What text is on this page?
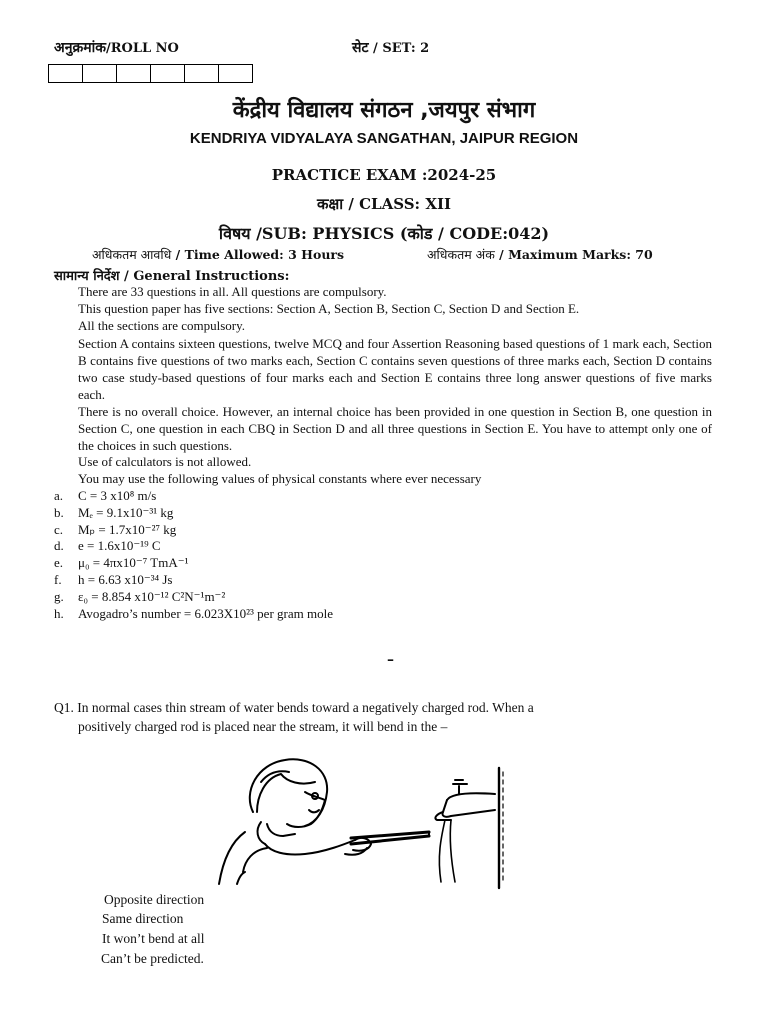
अनुक्रमांक/ROLL NO	सेट / SET: 2
केंद्रीय विद्यालय संगठन ,जयपुर संभाग
KENDRIYA VIDYALAYA SANGATHAN, JAIPUR REGION
PRACTICE EXAM :2024-25
कक्षा / CLASS: XII
विषय /SUB: PHYSICS (कोड / CODE:042)
अधिकतम आवधि / Time Allowed: 3 Hours	अधिकतम अंक / Maximum Marks: 70
सामान्य निर्देश / General Instructions:
There are 33 questions in all. All questions are compulsory.
This question paper has five sections: Section A, Section B, Section C, Section D and Section E.
All the sections are compulsory.
Section A contains sixteen questions, twelve MCQ and four Assertion Reasoning based questions of 1 mark each, Section B contains five questions of two marks each, Section C contains seven questions of three marks each, Section D contains two case study-based questions of four marks each and Section E contains three long answer questions of five marks each.
There is no overall choice. However, an internal choice has been provided in one question in Section B, one question in Section C, one question in each CBQ in Section D and all three questions in Section E. You have to attempt only one of the choices in such questions.
Use of calculators is not allowed.
You may use the following values of physical constants where ever necessary
a. C = 3 x10⁸ m/s
b. Mₑ = 9.1x10⁻³¹ kg
c. Mₚ = 1.7x10⁻²⁷ kg
d. e = 1.6x10⁻¹⁹ C
e. μ₀ = 4πx10⁻⁷ TmA⁻¹
f. h = 6.63 x10⁻³⁴ Js
g. ε₀ = 8.854 x10⁻¹² C²N⁻¹m⁻²
h. Avogadro’s number = 6.023X10²³ per gram mole
–
Q1. In normal cases thin stream of water bends toward a negatively charged rod. When a
positively charged rod is placed near the stream, it will bend in the –
Opposite direction
Same direction
It won’t bend at all
Can’t be predicted.
